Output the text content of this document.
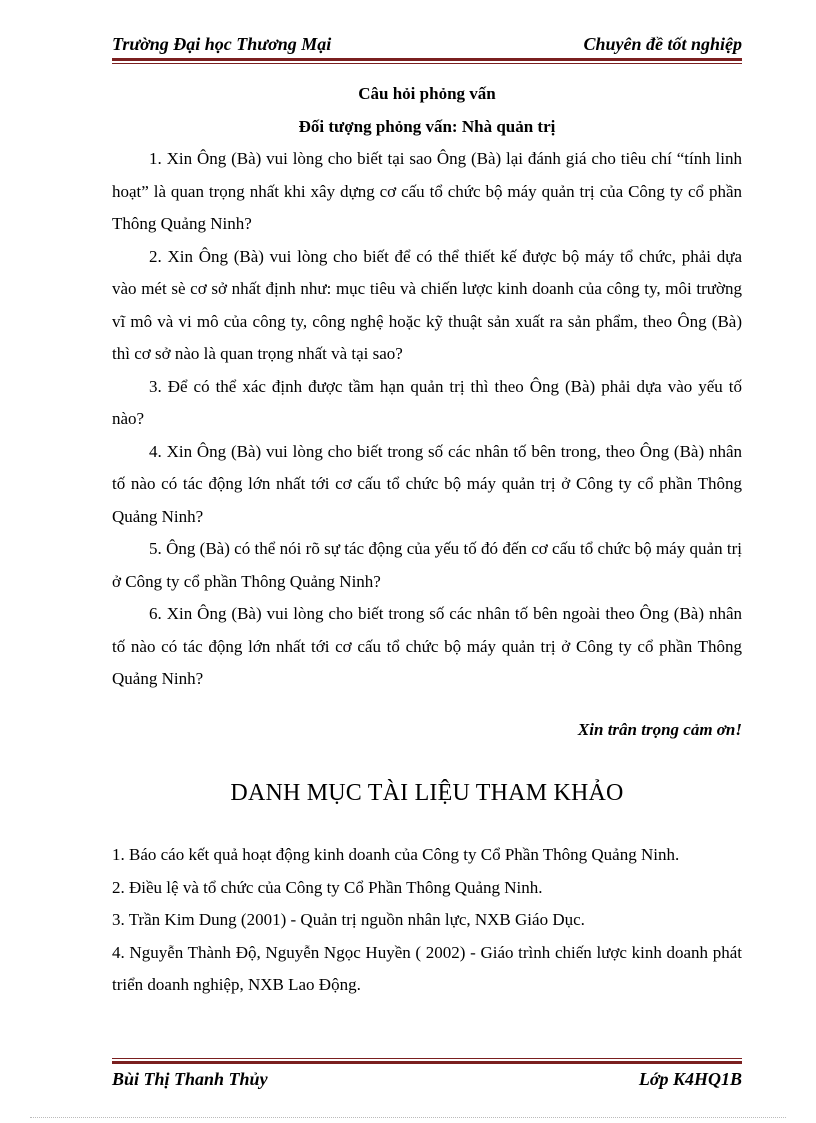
Trường Đại học Thương Mại	Chuyên đề tốt nghiệp
Câu hỏi phỏng vấn
Đối tượng phỏng vấn: Nhà quản trị

1. Xin Ông (Bà) vui lòng cho biết tại sao Ông (Bà) lại đánh giá cho tiêu chí “tính linh hoạt” là quan trọng nhất khi xây dựng cơ cấu tổ chức bộ máy quản trị của Công ty cổ phần Thông Quảng Ninh?

2. Xin Ông (Bà) vui lòng cho biết để có thể thiết kế được bộ máy tổ chức, phải dựa vào mét sè cơ sở nhất định như: mục tiêu và chiến lược kinh doanh của công ty, môi trường vĩ mô và vi mô của công ty, công nghệ hoặc kỹ thuật sản xuất ra sản phẩm, theo Ông (Bà) thì cơ sở nào là quan trọng nhất và tại sao?

3. Để có thể xác định được tầm hạn quản trị thì theo Ông (Bà) phải dựa vào yếu tố nào?

4. Xin Ông (Bà) vui lòng cho biết trong số các nhân tố bên trong, theo Ông (Bà) nhân tố nào có tác động lớn nhất tới cơ cấu tổ chức bộ máy quản trị ở Công ty cổ phần Thông Quảng Ninh?

5. Ông (Bà) có thể nói rõ sự tác động của yếu tố đó đến cơ cấu tổ chức bộ máy quản trị ở Công ty cổ phần Thông Quảng Ninh?

6. Xin Ông (Bà) vui lòng cho biết trong số các nhân tố bên ngoài theo Ông (Bà) nhân tố nào có tác động lớn nhất tới cơ cấu tổ chức bộ máy quản trị ở Công ty cổ phần Thông Quảng Ninh?

Xin trân trọng cảm ơn!
DANH MỤC TÀI LIỆU THAM KHẢO

1. Báo cáo kết quả hoạt động kinh doanh của Công ty Cổ Phần Thông Quảng Ninh.

2. Điều lệ và tổ chức của Công ty Cổ Phần Thông Quảng Ninh.

3. Trần Kim Dung (2001) - Quản trị nguồn nhân lực, NXB Giáo Dục.

4. Nguyễn Thành Độ, Nguyễn Ngọc Huyền ( 2002) - Giáo trình chiến lược kinh doanh phát triển doanh nghiệp, NXB Lao Động.

Bùi Thị Thanh Thủy	Lớp K4HQ1B
